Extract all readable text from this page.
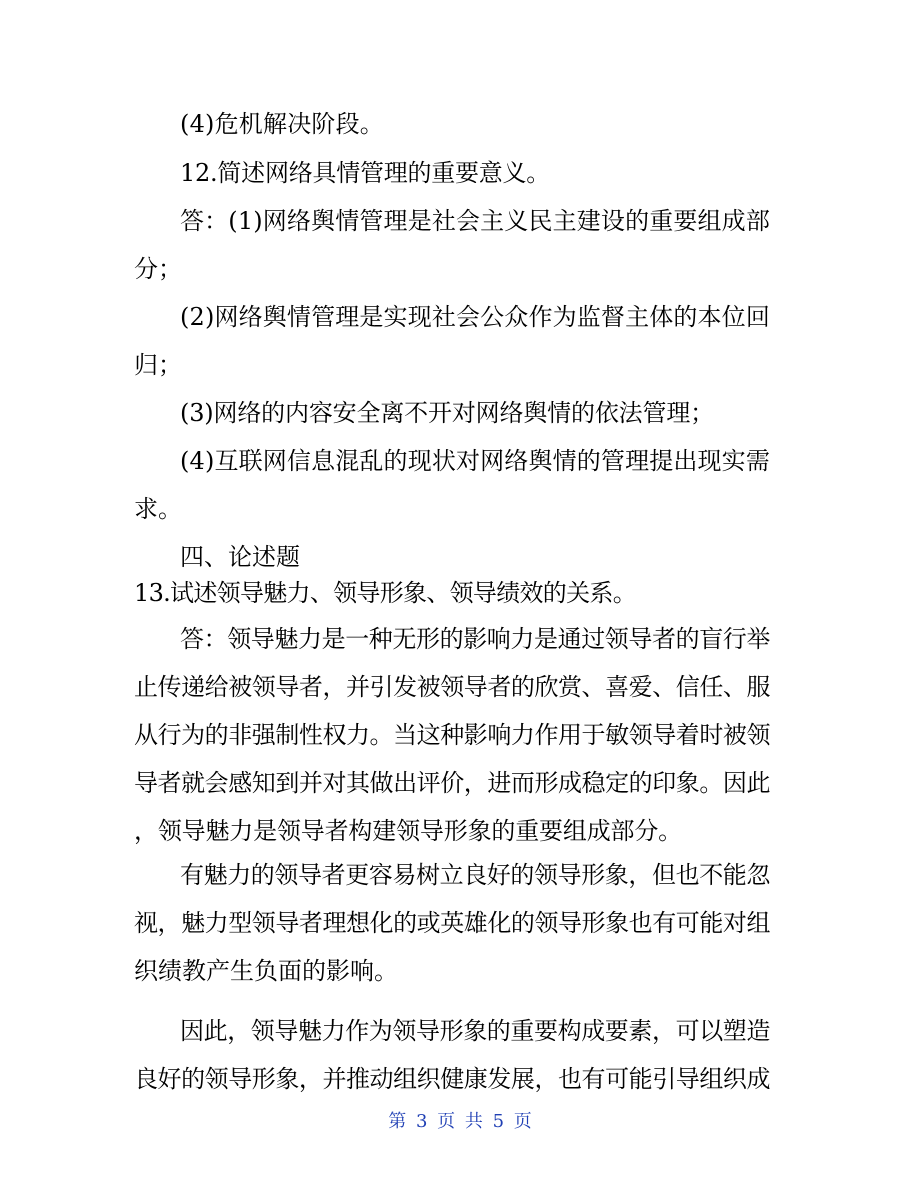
(4)危机解决阶段。

12.简述网络具情管理的重要意义。

答：(1)网络舆情管理是社会主义民主建设的重要组成部

分；

(2)网络舆情管理是实现社会公众作为监督主体的本位回

归；

(3)网络的内容安全离不开对网络舆情的依法管理；

(4)互联网信息混乱的现状对网络舆情的管理提出现实需

求。

四、论述题

13.试述领导魅力、领导形象、领导绩效的关系。

答：领导魅力是一种无形的影响力是通过领导者的盲行举

止传递给被领导者，并引发被领导者的欣赏、喜爱、信任、服

从行为的非强制性权力。当这种影响力作用于敏领导着时被领

导者就会感知到并对其做出评价，进而形成稳定的印象。因此

，领导魅力是领导者构建领导形象的重要组成部分。

有魅力的领导者更容易树立良好的领导形象，但也不能忽

视，魅力型领导者理想化的或英雄化的领导形象也有可能对组

织绩教产生负面的影响。

因此，领导魅力作为领导形象的重要构成要素，可以塑造

良好的领导形象，并推动组织健康发展，也有可能引导组织成

第 3 页 共 5 页
